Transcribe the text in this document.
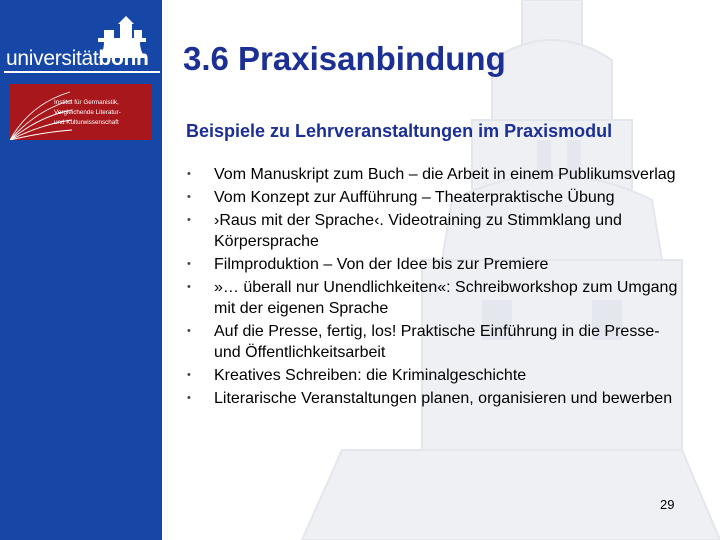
universitätbonn
Institut für Germanistik,
Vergleichende Literatur-
und Kulturwissenschaft
3.6 Praxisanbindung
Beispiele zu Lehrveranstaltungen im Praxismodul
• Vom Manuskript zum Buch – die Arbeit in einem Publikumsverlag
• Vom Konzept zur Aufführung – Theaterpraktische Übung
• ›Raus mit der Sprache‹. Videotraining zu Stimmklang und Körpersprache
• Filmproduktion – Von der Idee bis zur Premiere
• »… überall nur Unendlichkeiten«: Schreibworkshop zum Umgang mit der eigenen Sprache
• Auf die Presse, fertig, los! Praktische Einführung in die Presse- und Öffentlichkeitsarbeit
• Kreatives Schreiben: die Kriminalgeschichte
• Literarische Veranstaltungen planen, organisieren und bewerben
29
